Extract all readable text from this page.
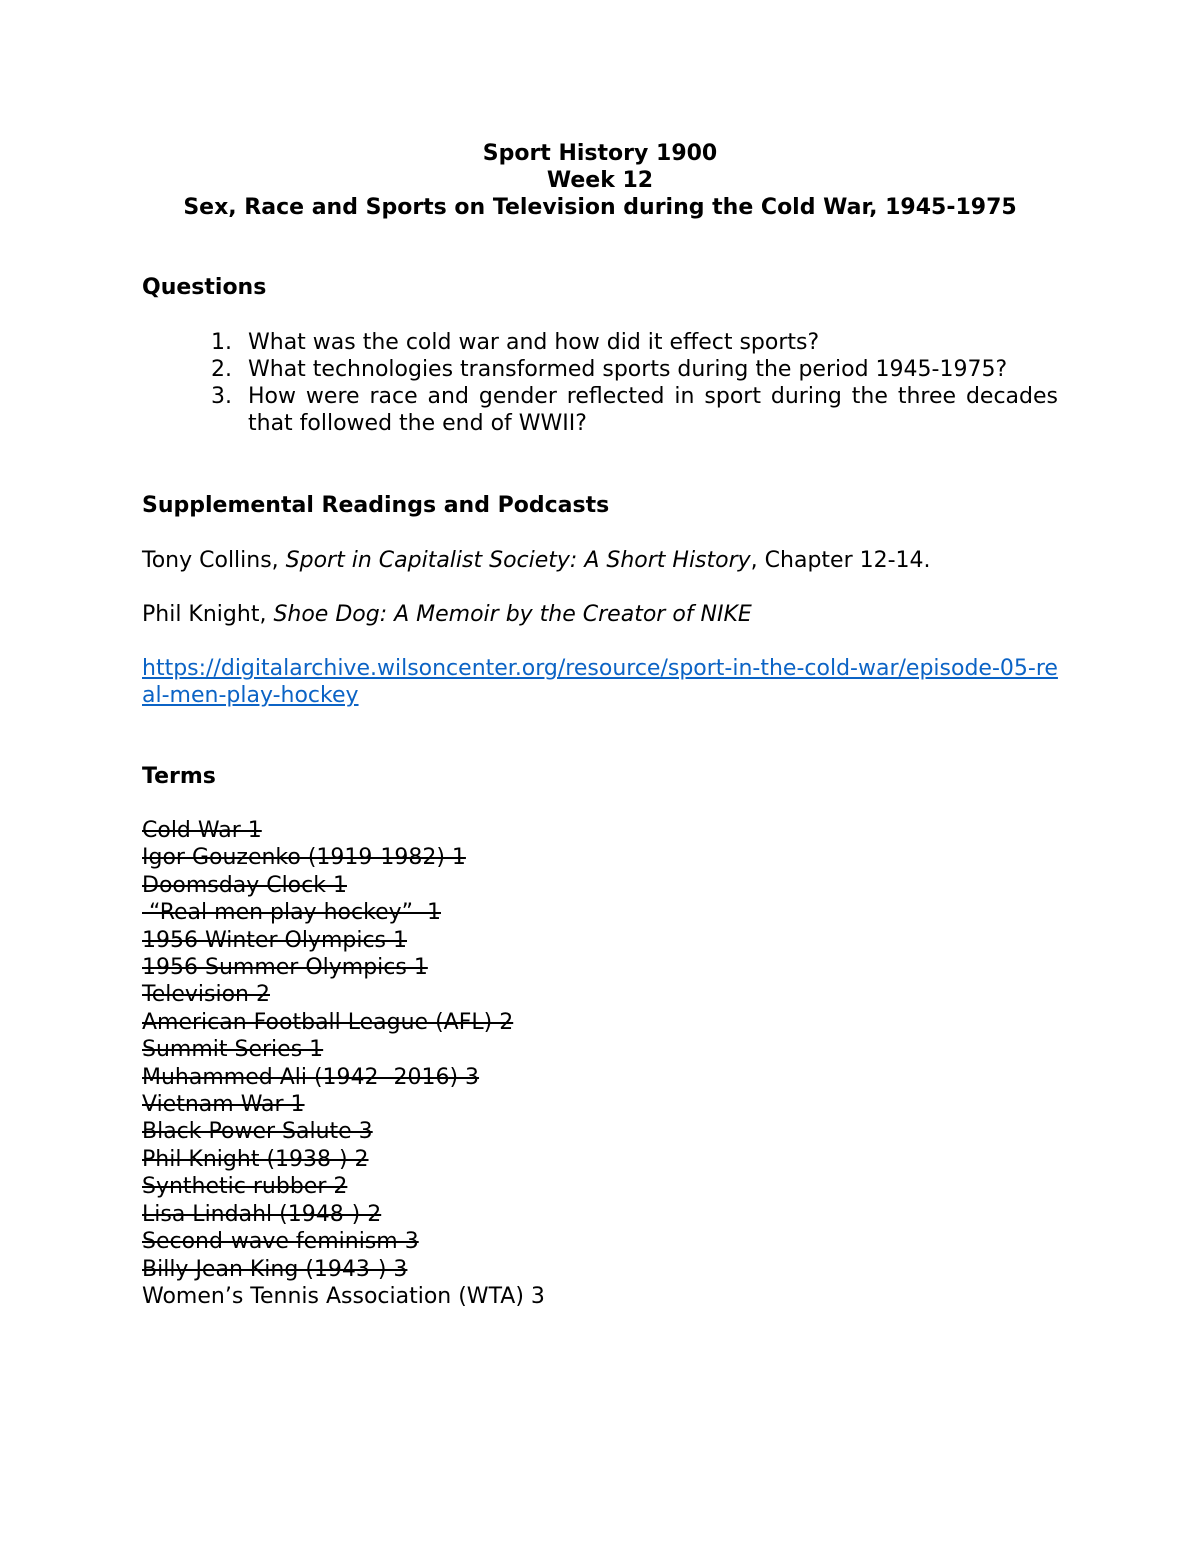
Sport History 1900
Week 12
Sex, Race and Sports on Television during the Cold War, 1945-1975
Questions
1. What was the cold war and how did it effect sports?
2. What technologies transformed sports during the period 1945-1975?
3. How were race and gender reflected in sport during the three decades that followed the end of WWII?
Supplemental Readings and Podcasts
Tony Collins, Sport in Capitalist Society: A Short History, Chapter 12-14.
Phil Knight, Shoe Dog: A Memoir by the Creator of NIKE
https://digitalarchive.wilsoncenter.org/resource/sport-in-the-cold-war/episode-05-real-men-play-hockey
Terms
Cold War 1
Igor Gouzenko (1919-1982) 1
Doomsday Clock 1
“Real men play hockey”  1
1956 Winter Olympics 1
1956 Summer Olympics 1
Television 2
American Football League (AFL) 2
Summit Series 1
Muhammed Ali (1942- 2016) 3
Vietnam War 1
Black Power Salute 3
Phil Knight (1938-) 2
Synthetic rubber 2
Lisa Lindahl (1948-) 2
Second-wave feminism 3
Billy Jean King (1943-) 3
Women’s Tennis Association (WTA) 3
